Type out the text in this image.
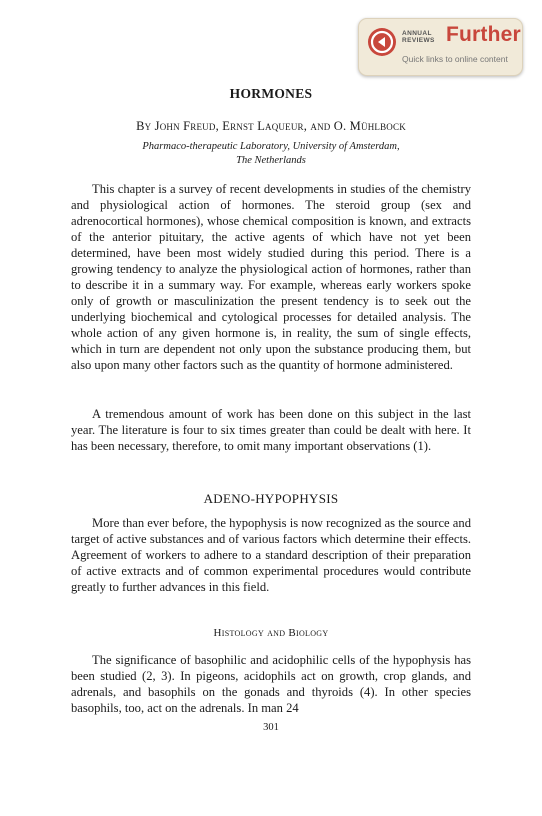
ANNUAL
REVIEWS Further
Quick links to online content
HORMONES
By John Freud, Ernst Laqueur, and O. Mühlbock
Pharmaco-therapeutic Laboratory, University of Amsterdam,
The Netherlands

This chapter is a survey of recent developments in studies of the chemistry and physiological action of hormones. The steroid group (sex and adrenocortical hormones), whose chemical composition is known, and extracts of the anterior pituitary, the active agents of which have not yet been determined, have been most widely studied during this period. There is a growing tendency to analyze the physiological action of hormones, rather than to describe it in a summary way. For example, whereas early workers spoke only of growth or masculinization the present tendency is to seek out the underlying biochemical and cytological processes for detailed analysis. The whole action of any given hormone is, in reality, the sum of single effects, which in turn are dependent not only upon the substance producing them, but also upon many other factors such as the quantity of hormone administered.

A tremendous amount of work has been done on this subject in the last year. The literature is four to six times greater than could be dealt with here. It has been necessary, therefore, to omit many important observations (1).

ADENO-HYPOPHYSIS

More than ever before, the hypophysis is now recognized as the source and target of active substances and of various factors which determine their effects. Agreement of workers to adhere to a standard description of their preparation of active extracts and of common experimental procedures would contribute greatly to further advances in this field.

Histology and Biology

The significance of basophilic and acidophilic cells of the hypophysis has been studied (2, 3). In pigeons, acidophils act on growth, crop glands, and adrenals, and basophils on the gonads and thyroids (4). In other species basophils, too, act on the adrenals. In man 24

301
